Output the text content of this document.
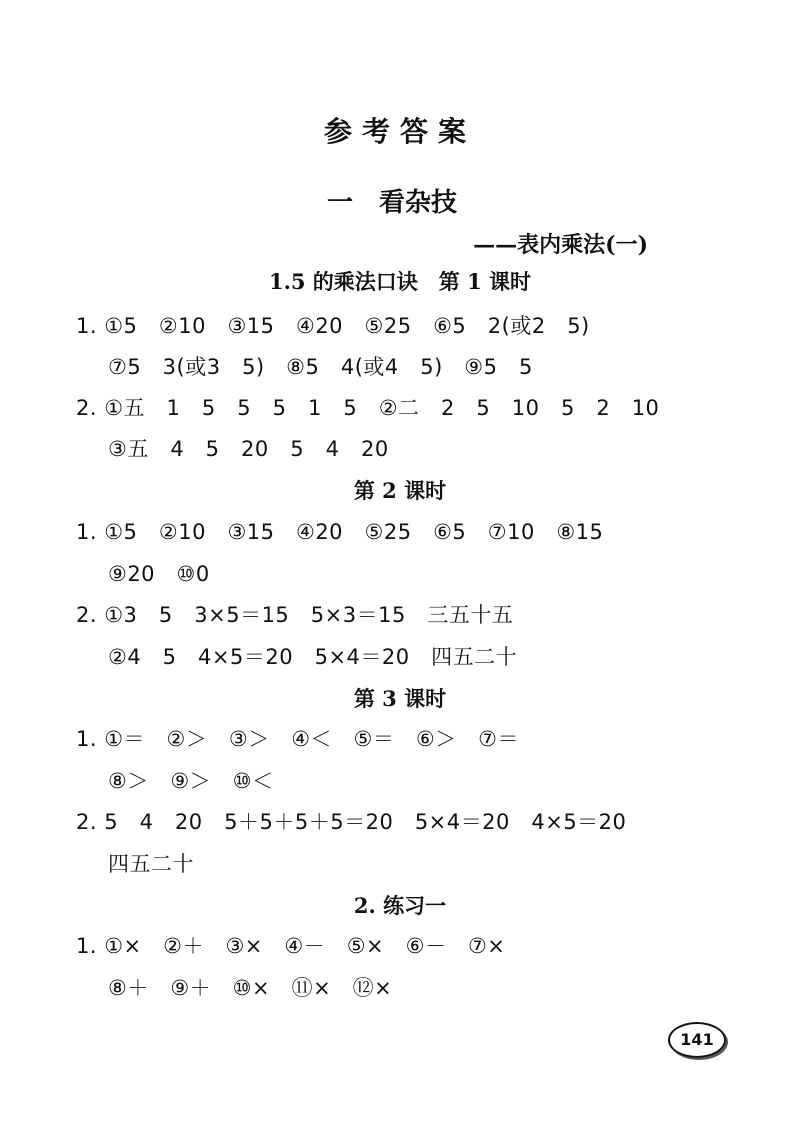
参考答案
一　看杂技
——表内乘法(一)
1.5 的乘法口诀　第 1 课时
1. ①5　②10　③15　④20　⑤25　⑥5　2(或2　5)
⑦5　3(或3　5)　⑧5　4(或4　5)　⑨5　5
2. ①五　1　5　5　5　1　5　②二　2　5　10　5　2　10
③五　4　5　20　5　4　20
第 2 课时
1. ①5　②10　③15　④20　⑤25　⑥5　⑦10　⑧15
⑨20　⑩0
2. ①3　5　3×5＝15　5×3＝15　三五十五
②4　5　4×5＝20　5×4＝20　四五二十
第 3 课时
1. ①＝　②＞　③＞　④＜　⑤＝　⑥＞　⑦＝
⑧＞　⑨＞　⑩＜
2. 5　4　20　5＋5＋5＋5＝20　5×4＝20　4×5＝20
四五二十
2. 练习一
1. ①×　②＋　③×　④－　⑤×　⑥－　⑦×
⑧＋　⑨＋　⑩×　⑪×　⑫×
141
